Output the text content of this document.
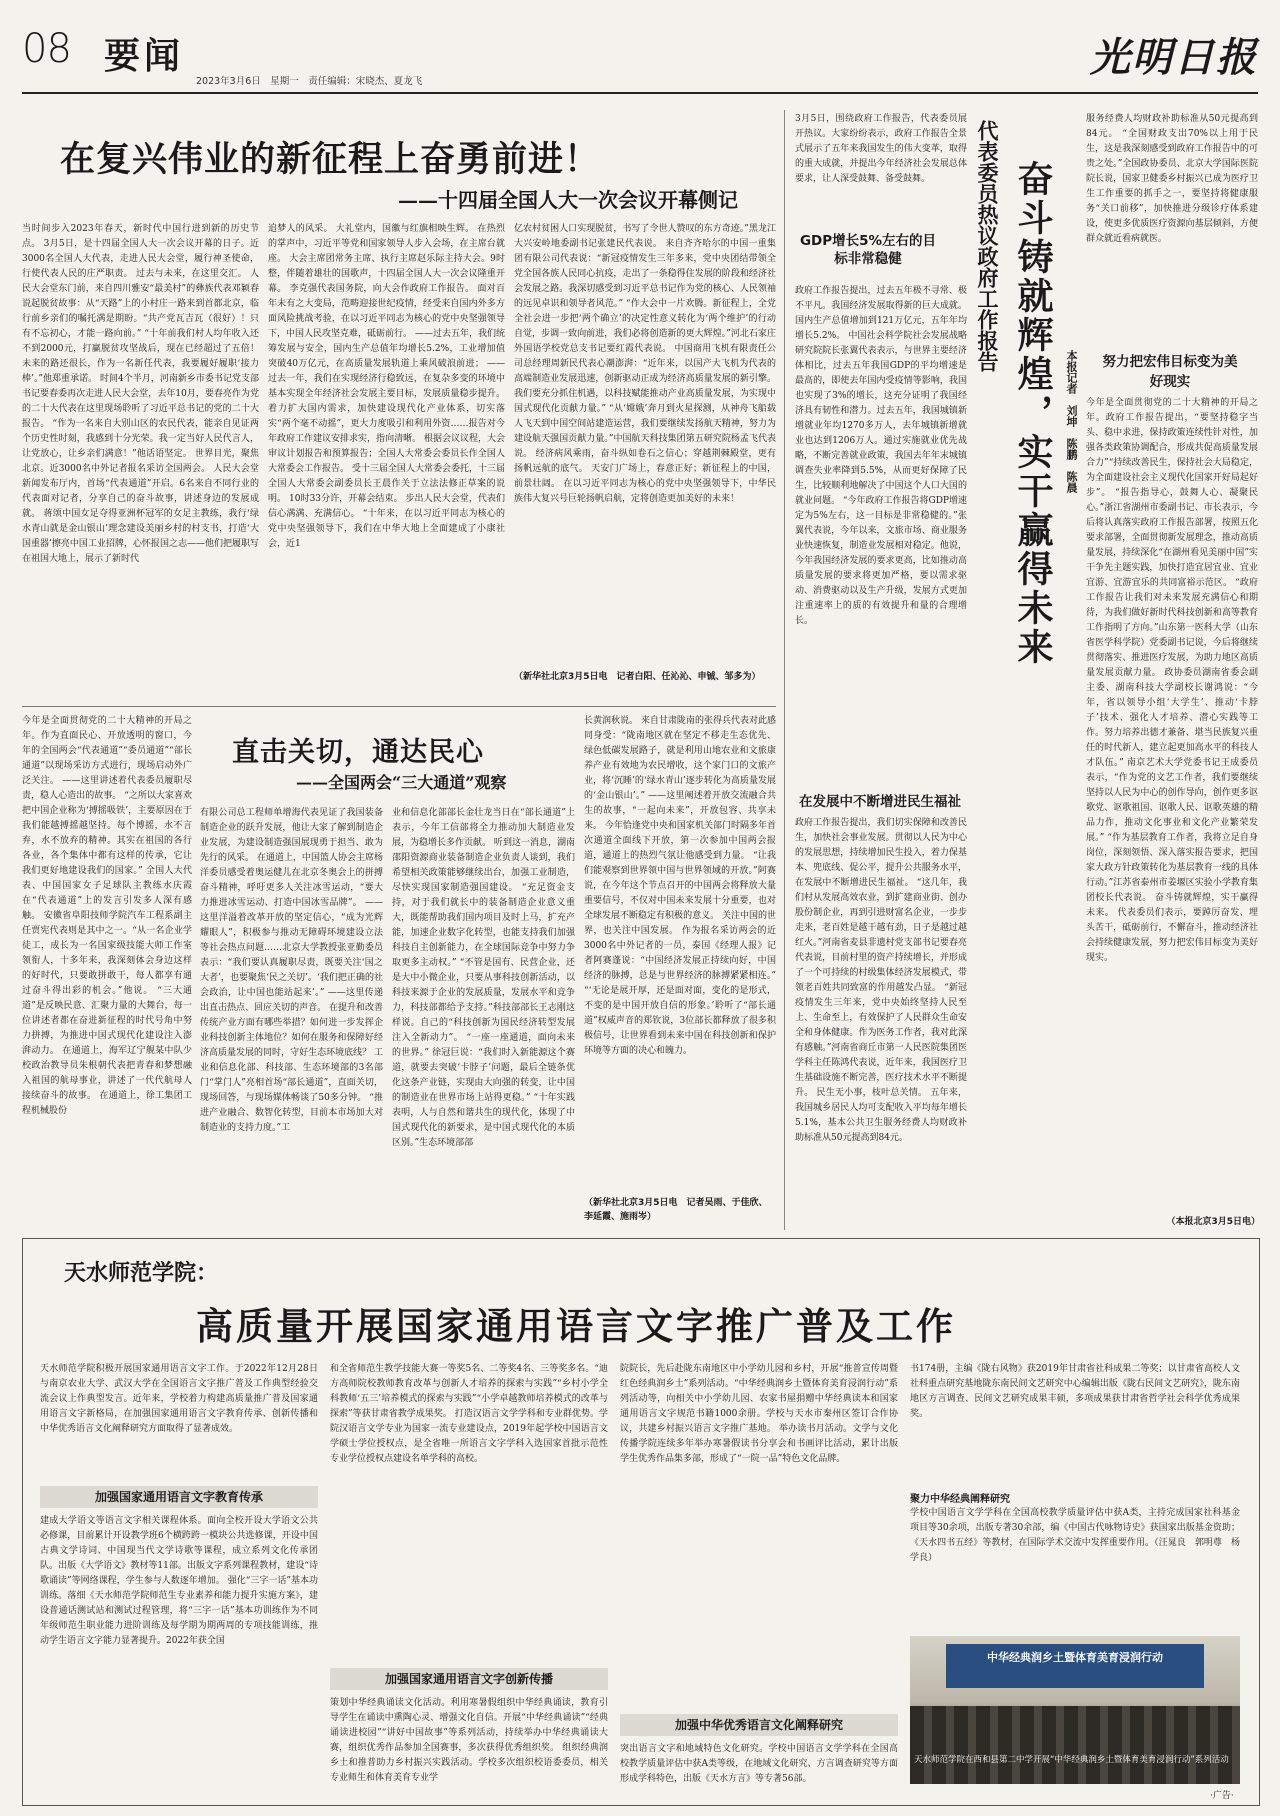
08 要闻
2023年3月6日　星期一　责任编辑：宋晓杰、夏龙飞
光明日报
在复兴伟业的新征程上奋勇前进！
——十四届全国人大一次会议开幕侧记
当时间步入2023年春天，新时代中国行进到新的历史节点。 3月5日，是十四届全国人大一次会议开幕的日子。近3000名全国人大代表，走进人民大会堂，履行神圣使命，行使代表人民的庄严职责。 过去与未来，在这里交汇。 人民大会堂东门前，来自四川雅安“最美村”的彝族代表邓颖春说起脱贫故事：从“天路”上的小村庄一路来到首都北京，临行前乡亲们的嘱托满是期盼。“共产党瓦吉瓦（很好）！只有不忘初心，才能一路向前。” “十年前我们村人均年收入还不到2000元，打赢脱贫攻坚战后，现在已经超过了五倍！未来的路还很长，作为一名新任代表，我要履好履职‘接力棒’。”他郑重承诺。 时间4个半月，河南新乡市委书记党支部书记要春委再次走进人民大会堂，去年10月，要春亮作为党的二十大代表在这里现场聆听了习近平总书记的党的二十大报告。 “作为一名来自大别山区的农民代表，能亲自见证两个历史性时刻，我感到十分光荣。我一定当好人民代言人，让党放心，让乡亲们满意！”他话语坚定。 世界目光，聚焦北京。近3000名中外记者报名采访全国两会。 人民大会堂新闻发布厅内，首场“代表通道”开启。6名来自不同行业的代表面对记者，分享自己的奋斗故事，讲述身边的发展成就。 蒋颂中国女足夺得亚洲杯冠军的女足主教练，我行‘绿水青山就是金山银山’理念建设美丽乡村的村支书，打造‘大国重器’擦亮中国工业招牌，心怀报国之志——他们把履职写在祖国大地上，展示了新时代
追梦人的风采。 大礼堂内，国徽与红旗相映生辉。 在热烈的掌声中，习近平等党和国家领导人步入会场，在主席台就座。 大会主席团常务主席、执行主席赵乐际主持大会。9时整，伴随着雄壮的国歌声，十四届全国人大一次会议隆重开幕。 李克强代表国务院，向大会作政府工作报告。 面对百年未有之大变局，范畴迎接世纪疫情，经受来自国内外多方面风险挑战考验，在以习近平同志为核心的党中央坚强领导下，中国人民攻坚克难，砥砺前行。 ——过去五年，我们统筹发展与安全，国内生产总值年均增长5.2%，工业增加值突破40万亿元，在高质量发展轨道上乘风破浪前进； ——过去一年，我们在实现经济行稳致远，在复杂多变的环境中基本实现全年经济社会发展主要目标，发展质量稳步提升。 着力扩大国内需求，加快建设现代化产业体系，切实落实“两个毫不动摇”，更大力度吸引和利用外资……报告对今年政府工作建议安排求实，指向清晰。 根据会议议程，大会审议计划报告和预算报告；全国人大常委会委员长作全国人大常委会工作报告。 受十三届全国人大常委会委托，十三届全国人大常委会副委员长王晨作关于立法法修正草案的说明。 10时33分许，开幕会结束。 步出人民大会堂，代表们信心满满、充满信心。 “十年来，在以习近平同志为核心的党中央坚强领导下，我们在中华大地上全面建成了小康社会，近1
亿农村贫困人口实现脱贫，书写了令世人赞叹的东方奇迹。”黑龙江大兴安岭地委副书记张建民代表说。 来自齐齐哈尔的中国一重集团有限公司代表说：“新冠疫情发生三年多来，党中央团结带领全党全国各族人民同心抗疫，走出了一条稳得住发展的阶段和经济社会发展之路。我深切感受到习近平总书记作为党的核心、人民领袖的远见卓识和领导者风范。” “作大会中一片欢腾。新征程上，全党全社会进一步把‘两个确立’的决定性意义转化为‘两个维护’的行动自觉，步调一致向前进，我们必将创造新的更大辉煌。”河北石家庄外国语学校党总支书记要红霞代表说。 中国商用飞机有限责任公司总经理周新民代表心潮澎湃：“近年来，以国产大飞机为代表的高端制造业发展迅速，创新驱动正成为经济高质量发展的新引擎。我们要充分抓住机遇，以科技赋能推动产业高质量发展，为实现中国式现代化贡献力量。” “从‘嫦娥’奔月到火星探测，从神舟飞船载人飞天到中国空间站建造运营，我们要继续发扬航天精神，努力为建设航天强国贡献力量。”中国航天科技集团第五研究院杨孟飞代表说。 经济病风乘雨，奋斗纵如卷石之信心；穿越荆棘殿堂，更有扬帆远航的底气。 天安门广场上，春意正好；新征程上的中国，前景壮阔。 在以习近平同志为核心的党中央坚强领导下，中华民族伟大复兴号巨轮扬帆启航，定将创造更加美好的未来！
（新华社北京3月5日电　记者白阳、任沁沁、申铖、邹多为）
3月5日，围绕政府工作报告，代表委员展开热议。大家纷纷表示，政府工作报告全景式展示了五年来我国发生的伟大变革，取得的重大成就，并提出今年经济社会发展总体要求，让人深受鼓舞、备受鼓舞。	代表委员热议政府工作报告 奋斗铸就辉煌，实干赢得未来	本报记者　刘坤　陈鹏　陈晨
GDP增长5%左右的目标非常稳健
政府工作报告提出，过去五年极不寻常、极不平凡。我国经济发展取得新的巨大成就。国内生产总值增加到121万亿元，五年年均增长5.2%。 中国社会科学院社会发展战略研究院院长张翼代表表示，与世界主要经济体相比，过去五年我国GDP的平均增速是最高的，即使去年国内受疫情等影响，我国也实现了3%的增长，这充分证明了我国经济具有韧性和潜力。过去五年，我国城镇新增就业年均1270多万人，去年城镇新增就业也达到1206万人。通过实施就业优先战略，不断完善就业政策，我国去年年末城镇调查失业率降到5.5%，从而更好保障了民生，比较顺利地解决了中国这个人口大国的就业问题。 “今年政府工作报告将GDP增速定为5%左右，这一目标是非常稳健的。”张翼代表说，今年以来，文旅市场、商业服务业快速恢复，制造业发展相对稳定。他说，今年我国经济发展的要求更高，比如推动高质量发展的要求将更加严格，要以需求驱动、消费驱动以及生产升级，发展方式更加注重速率上的质的有效提升和量的合理增长。
在发展中不断增进民生福祉
政府工作报告提出，我们切实保障和改善民生，加快社会事业发展。贯彻以人民为中心的发展思想，持续增加民生投入，着力保基本、兜底线、促公平，提升公共服务水平，在发展中不断增进民生福祉。 “这几年，我们村从发展高效农业，到扩建商业街、创办股份制企业，再到引进财富名企业，一步步走来，老百姓是越干越有劲，日子是越过越红火。”河南省麦县非遗村党支部书记要春亮代表说，目前村里的资产持续增长，并形成了一个可持续的村级集体经济发展模式，带领老百姓共同致富的作用越发凸显。 “新冠疫情发生三年来，党中央始终坚持人民至上、生命至上，有效保护了人民群众生命安全和身体健康。作为医务工作者，我对此深有感触。”河南省商丘市第一人民医院集团医学科主任陈鸿代表说，近年来，我国医疗卫生基础设施不断完善，医疗技术水平不断提升。 民生无小事，枝叶总关情。 五年来，我国城乡居民人均可支配收入平均每年增长5.1%，基本公共卫生服务经费人均财政补助标准从50元提高到84元。
服务经费人均财政补助标准从50元提高到84元。 “全国财政支出70%以上用于民生，这是我深刻感受到政府工作报告中的可贵之处。”全国政协委员、北京大学国际医院院长说，国家卫健委乡村振兴已成为医疗卫生工作重要的抓手之一，要坚持将健康服务“关口前移”，加快推进分级诊疗体系建设，使更多优质医疗资源向基层倾斜，方便群众就近看病就医。
努力把宏伟目标变为美好现实
今年是全面贯彻党的二十大精神的开局之年。政府工作报告提出，“要坚持稳字当头、稳中求进，保持政策连续性针对性，加强各类政策协调配合，形成共促高质量发展合力”“持续改善民生，保持社会大局稳定，为全面建设社会主义现代化国家开好局起好步”。 “报告指导心，鼓舞人心、凝聚民心。”浙江省湖州市委副书记、市长表示，今后将认真落实政府工作报告部署，按照五化要求部署，全面贯彻新发展理念，推动高质量发展，持续深化“在湖州看见美丽中国”实干争先主题实践，加快打造宜居宜业、宜业宜游、宜游宜乐的共同富裕示范区。 “政府工作报告让我们对未来发展充满信心和期待，为我们做好新时代科技创新和高等教育工作指明了方向。”山东第一医科大学（山东省医学科学院）党委副书记说，今后将继续贯彻落实、推进医疗发展，为助力地区高质量发展贡献力量。 政协委员湖南省委会副主委、湖南科技大学副校长谢鸿说：“今年，省以领导小组‘大学生’、推动‘卡脖子’技术、强化人才培养、潜心实践等工作。努力培养出德才兼备、堪当民族复兴重任的时代新人，建立起更加高水平的科技人才队伍。” 南京艺术大学党委书记王成委员表示，“作为党的文艺工作者，我们要继续坚持以人民为中心的创作导向，创作更多讴歌党、讴歌祖国、讴歌人民、讴歌英雄的精品力作，推动文化事业和文化产业繁荣发展。” “作为基层教育工作者，我将立足自身岗位，深刻领悟、深入落实报告要求，把国家大政方针政策转化为基层教育一线的具体行动。”江苏省泰州市姜堰区实验小学教育集团校长代表说。 奋斗铸就辉煌，实干赢得未来。 代表委员们表示，要踔厉奋发、埋头苦干，砥砺前行，不懈奋斗，推动经济社会持续健康发展，努力把宏伟目标变为美好现实。
（本报北京3月5日电）
今年是全面贯彻党的二十大精神的开局之年。作为直面民心、开放透明的窗口，今年的全国两会“代表通道”“委员通道”“部长通道”以现场采访方式进行，现场启动外广泛关注。 ——这里讲述着代表委员履职尽责，稳人心造出的故事。 “之所以大家喜欢把中国企业称为‘搏摇吸铁’，主要原因在于我们能越搏摇越坚持。每个博摇，水不言弃，水不放弃的精神。其实在祖国的各行各业，各个集体中都有这样的传承，它让我们更好地建设我们的国家。” 全国人大代表、中国国家女子足球队主教练水庆霞在“代表通道”上的发言引发多人深有感触。 安徽省阜阳技师学院汽车工程系副主任贾宪代表则是其中之一。“从一名企业学徒工，成长为一名国家级技能大师工作室领衔人，十多年来，我深刻体会身边这样的好时代，只要敢拼敢干，每人都享有通过奋斗得出彩的机会。”他说。 “三大通道”是反映民意、汇聚力量的大舞台，每一位讲述者都在奋进新征程的时代号角中努力拼搏，为推进中国式现代化建设注入澎湃动力。 在通道上，海军辽宁舰某中队少校政治教导员朱根朝代表把青春和梦想融入祖国的航母事业，讲述了一代代航母人接续奋斗的故事。 在通道上，徐工集团工程机械股份
直击关切，通达民心
——全国两会“三大通道”观察
有限公司总工程师单增海代表见证了我国装备制造企业的跃升发展，他让大家了解到制造企业发展，为建设制造强国展现勇于担当、敢为先行的风采。 在通道上，中国篮人协会主席杨洋委员感受着奥运健儿在北京冬奥会上的拼搏奋斗精神，呼吁更多人关注冰雪运动，“要大力推进冰雪运动、打造中国冰雪品牌”。 ——这里洋溢着改革开放的坚定信心，“成为光辉耀眼人”，积极参与推动无障碍环境建设立法等社会热点问题……北京大学教授张亚勤委员表示：“我们要认真履职尽责，既要关注‘国之大者’，也要聚焦‘民之关切’。‘我们把正确的社会政治，让中国也能站起来’。” ——这里传递出直击热点、回应关切的声音。 在提升和改善传统产业方面有哪些举措？如何进一步发挥企业科技创新主体地位？如何在服务和保障好经济高质量发展的同时，守好生态环境底线？ 工业和信息化部、科技部、生态环境部的3名部门“掌门人”亮相首场“部长通道”，直面关切，现场回答，与现场媒体畅谈了50多分钟。 “推进产业融合、数智化转型，目前本市场加大对制造业的支持力度。”工
业和信息化部部长金壮龙当日在“部长通道”上表示，今年工信部将全力推动加大制造业发展，为稳增长多作贡献。 听到这一消息，湖南邵阳资源商业装备制造企业负责人谈到，我们希望相关政策能够继续出台，加强工业制造，尽快实现国家制造强国建设。 “充足资金支持，对于我们就长中的装备制造企业意义重大，既能帮助我们国内项目及时上马，扩充产能，加速企业数字化转型，也能支持我们加强科技自主创新能力，在全球国际竞争中努力争取更多主动权。” “不管是国有、民营企业，还是大中小微企业，只要从事科技创新活动，以科技来源于企业的发展质量，发展水平和竞争力，科技部都给予支持。”科技部部长王志刚这样说。自己的“科技创新为国民经济转型发展注入全新动力”。 “一座一座通道，面向未来的世界。” 徐冠巨说：“我们时入新能源这个赛道，就要去突破‘卡脖子’问题，最后全链条优化这条产业链，实现由大向强的转变，让中国的制造业在世界市场上站得更稳。” “十年实践表明，人与自然和谐共生的现代化，体现了中国式现代化的新要求，是中国式现代化的本质区别。”生态环境部部
长黄润秋说。 来自甘肃陇南的张得兵代表对此感同身受：“陇南地区就在坚定不移走生态优先、绿色低碳发展路子，就是利用山地农业和文旅康养产业有效地为农民增收，这个家门口的文旅产业，将‘沉睡’的‘绿水青山’逐步转化为高质量发展的‘金山银山’。” ——这里阐述着开放交流融合共生的故事，“一起向未来”，开放包容、共享未来。 今年恰逢党中央和国家机关部门时隔多年首次通道全面线下开放，第一次参加中国两会报道，通道上的热烈气氛让他感受到力量。 “让我们能观察到世界领中国与世界领域的开放。”阿赛说，在今年这个节点召开的中国两会将释放大量重要信号，不仅对中国未来发展十分重要，也对全球发展不断稳定有积极的意义。 关注中国的世界，也关注中国发展。 作为报名采访两会的近3000名中外记者的一员，泰国《经理人报》记者阿赛蓬说：“中国经济发展正持续向好，中国经济的脉搏，总是与世界经济的脉搏紧紧相连。” “‘无论是展开厚，还是面对面，变化的是形式，不变的是中国开放自信的形象。’聆听了“部长通道”权威声音的郑钦说，3位部长都释放了很多积极信号，让世界看到未来中国在科技创新和保护环境等方面的决心和魄力。
（新华社北京3月5日电　记者吴雨、于佳欣、李延霞、施雨岑）
天水师范学院：
高质量开展国家通用语言文字推广普及工作
天水师范学院积极开展国家通用语言文字工作。于2022年12月28日与南京农业大学、武汉大学在全国语言文字推广普及工作典型经验交流会议上作典型发言。近年来，学校着力构建高质量推广普及国家通用语言文字新格局，在加强国家通用语言文字教育传承、创新传播和中华优秀语言文化阐释研究方面取得了显著成效。
加强国家通用语言文字教育传承
建成大学语文等语言文字相关课程体系。面向全校开设大学语文公共必修课，目前累计开设教学班6个横跨跨一模块公共选修课，开设中国古典文学诗词、中国现当代文学诗歌等课程，成立系列文化传承团队。出版《大学语文》教材等11部。出版文字系列课程教材，建设“诗歌诵读”等网络课程，学生参与人数逐年增加。 强化“三字一话”基本功训练。落细《天水师范学院师范生专业素养和能力提升实施方案》，建设普通话测试站和测试过程管理，将“三字一话”基本功训练作为不同年级师范生职业能力进阶训练及每学期为期两周的专项技能训练，推动学生语言文字能力显著提升。2022年获全国
和全省师范生教学技能大赛一等奖5名、二等奖4名、三等奖多名。“迪方高师院校教师教育改革与创新人才培养的探索与实践”“乡村小学全科教师‘五三’培养模式的探索与实践”“小学卓越教师培养模式的改革与探索”等获甘肃省教学成果奖。 打造汉语言文学学科和专业群优势。学院汉语言文学专业为国家一流专业建设点，2019年起学校中国语言文学硕士学位授权点，是全省唯一所语言文字学科入选国家首批示范性专业学位授权点建设名单学科的高校。
加强国家通用语言文字创新传播
策划中华经典诵读文化活动。利用寒暑假组织中华经典诵读，教育引导学生在诵读中熏陶心灵、增强文化自信。开展“中华经典诵读”“经典诵读进校园”“讲好中国故事”等系列活动，持续举办中华经典诵读大赛，组织优秀作品参加全国赛事，多次获得优秀组织奖。 组织经典润乡土和推普助力乡村振兴实践活动。学校多次组织校语委委员，相关专业师生和体育美育专业学
院院长，先后赴陇东南地区中小学幼儿园和乡村，开展“推普宣传周暨红色经典润乡土”系列活动。“中华经典润乡土暨体育美育浸润行动”系列活动等，向相关中小学幼儿园、农家书屋捐赠中华经典读本和国家通用语言文字规范书籍1000余册。学校与天水市秦州区签订合作协议，共建乡村振兴语言文字推广基地。 举办读书月活动。文学与文化传播学院连续多年举办寒暑假读书分享会和书画评比活动，累计出版学生优秀作品集多部，形成了“一院一品”特色文化品牌。
加强中华优秀语言文化阐释研究
突出语言文字和地域特色文化研究。学校中国语言文学学科在全国高校教学质量评估中获A类等级，在地域文化研究、方言调查研究等方面形成学科特色，出版《天水方言》等专著56部。
书174册，主编《陇右风物》获2019年甘肃省社科成果二等奖；以甘肃省高校人文社科重点研究基地陇东南民间文艺研究中心编辑出版《陇右民间文艺研究》，陇东南地区方言调查、民间文艺研究成果丰硕，多项成果获甘肃省哲学社会科学优秀成果奖。
聚力中华经典阐释研究
学校中国语言文学学科在全国高校教学质量评估中获A类，主持完成国家社科基金项目等30余项，出版专著30余部，编《中国古代咏物诗史》获国家出版基金资助；《天水四书五经》等教材，在国际学术交流中发挥重要作用。（汪晁良　郭明尊　杨学良）
中华经典润乡土暨体育美育浸润行动
天水师范学院在西和县第二中学开展“中华经典润乡土暨体育美育浸润行动”系列活动
·广告·
